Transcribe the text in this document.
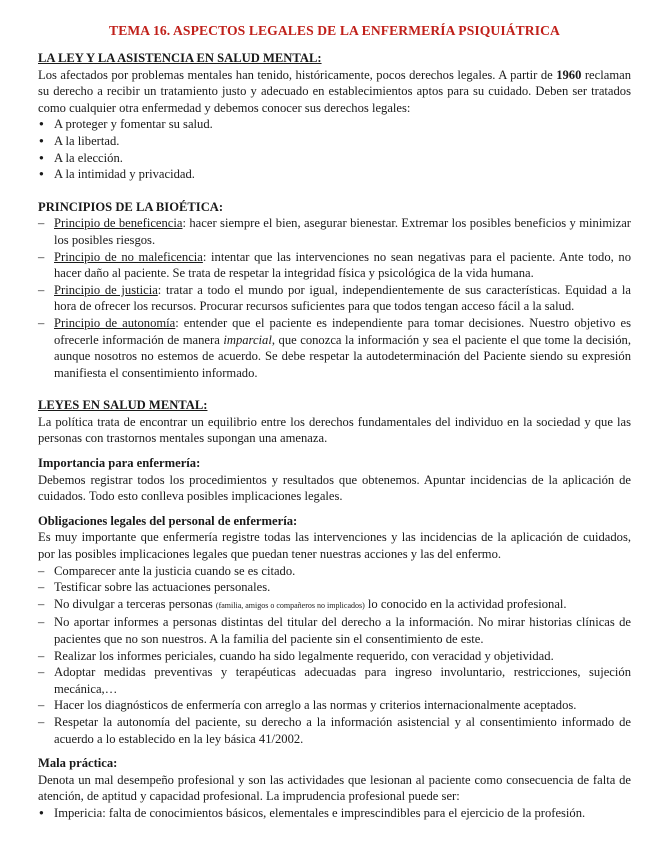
TEMA 16. ASPECTOS LEGALES DE LA ENFERMERÍA PSIQUIÁTRICA

LA LEY Y LA ASISTENCIA EN SALUD MENTAL:

Los afectados por problemas mentales han tenido, históricamente, pocos derechos legales. A partir de 1960 reclaman su derecho a recibir un tratamiento justo y adecuado en establecimientos aptos para su cuidado. Deben ser tratados como cualquier otra enfermedad y debemos conocer sus derechos legales:

●
A proteger y fomentar su salud.
●
A la libertad.
●
A la elección.
●
A la intimidad y privacidad.

PRINCIPIOS DE LA BIOÉTICA:

–
Principio de beneficencia: hacer siempre el bien, asegurar bienestar. Extremar los posibles beneficios y minimizar los posibles riesgos.
–
Principio de no maleficencia: intentar que las intervenciones no sean negativas para el paciente. Ante todo, no hacer daño al paciente. Se trata de respetar la integridad física y psicológica de la vida humana.
–
Principio de justicia: tratar a todo el mundo por igual, independientemente de sus características. Equidad a la hora de ofrecer los recursos. Procurar recursos suficientes para que todos tengan acceso fácil a la salud.
–
Principio de autonomía: entender que el paciente es independiente para tomar decisiones. Nuestro objetivo es ofrecerle información de manera imparcial, que conozca la información y sea el paciente el que tome la decisión, aunque nosotros no estemos de acuerdo. Se debe respetar la autodeterminación del Paciente siendo su expresión manifiesta el consentimiento informado.

LEYES EN SALUD MENTAL:

La política trata de encontrar un equilibrio entre los derechos fundamentales del individuo en la sociedad y que las personas con trastornos mentales supongan una amenaza.

Importancia para enfermería:

Debemos registrar todos los procedimientos y resultados que obtenemos. Apuntar incidencias de la aplicación de cuidados. Todo esto conlleva posibles implicaciones legales.

Obligaciones legales del personal de enfermería:

Es muy importante que enfermería registre todas las intervenciones y las incidencias de la aplicación de cuidados, por las posibles implicaciones legales que puedan tener nuestras acciones y las del enfermo.

–
Comparecer ante la justicia cuando se es citado.
–
Testificar sobre las actuaciones personales.
–
No divulgar a terceras personas (familia, amigos o compañeros no implicados) lo conocido en la actividad profesional.
–
No aportar informes a personas distintas del titular del derecho a la información. No mirar historias clínicas de pacientes que no son nuestros. A la familia del paciente sin el consentimiento de este.
–
Realizar los informes periciales, cuando ha sido legalmente requerido, con veracidad y objetividad.
–
Adoptar medidas preventivas y terapéuticas adecuadas para ingreso involuntario, restricciones, sujeción mecánica,…
–
Hacer los diagnósticos de enfermería con arreglo a las normas y criterios internacionalmente aceptados.
–
Respetar la autonomía del paciente, su derecho a la información asistencial y al consentimiento informado de acuerdo a lo establecido en la ley básica 41/2002.

Mala práctica:

Denota un mal desempeño profesional y son las actividades que lesionan al paciente como consecuencia de falta de atención, de aptitud y capacidad profesional. La imprudencia profesional puede ser:

●
Impericia: falta de conocimientos básicos, elementales e imprescindibles para el ejercicio de la profesión.
